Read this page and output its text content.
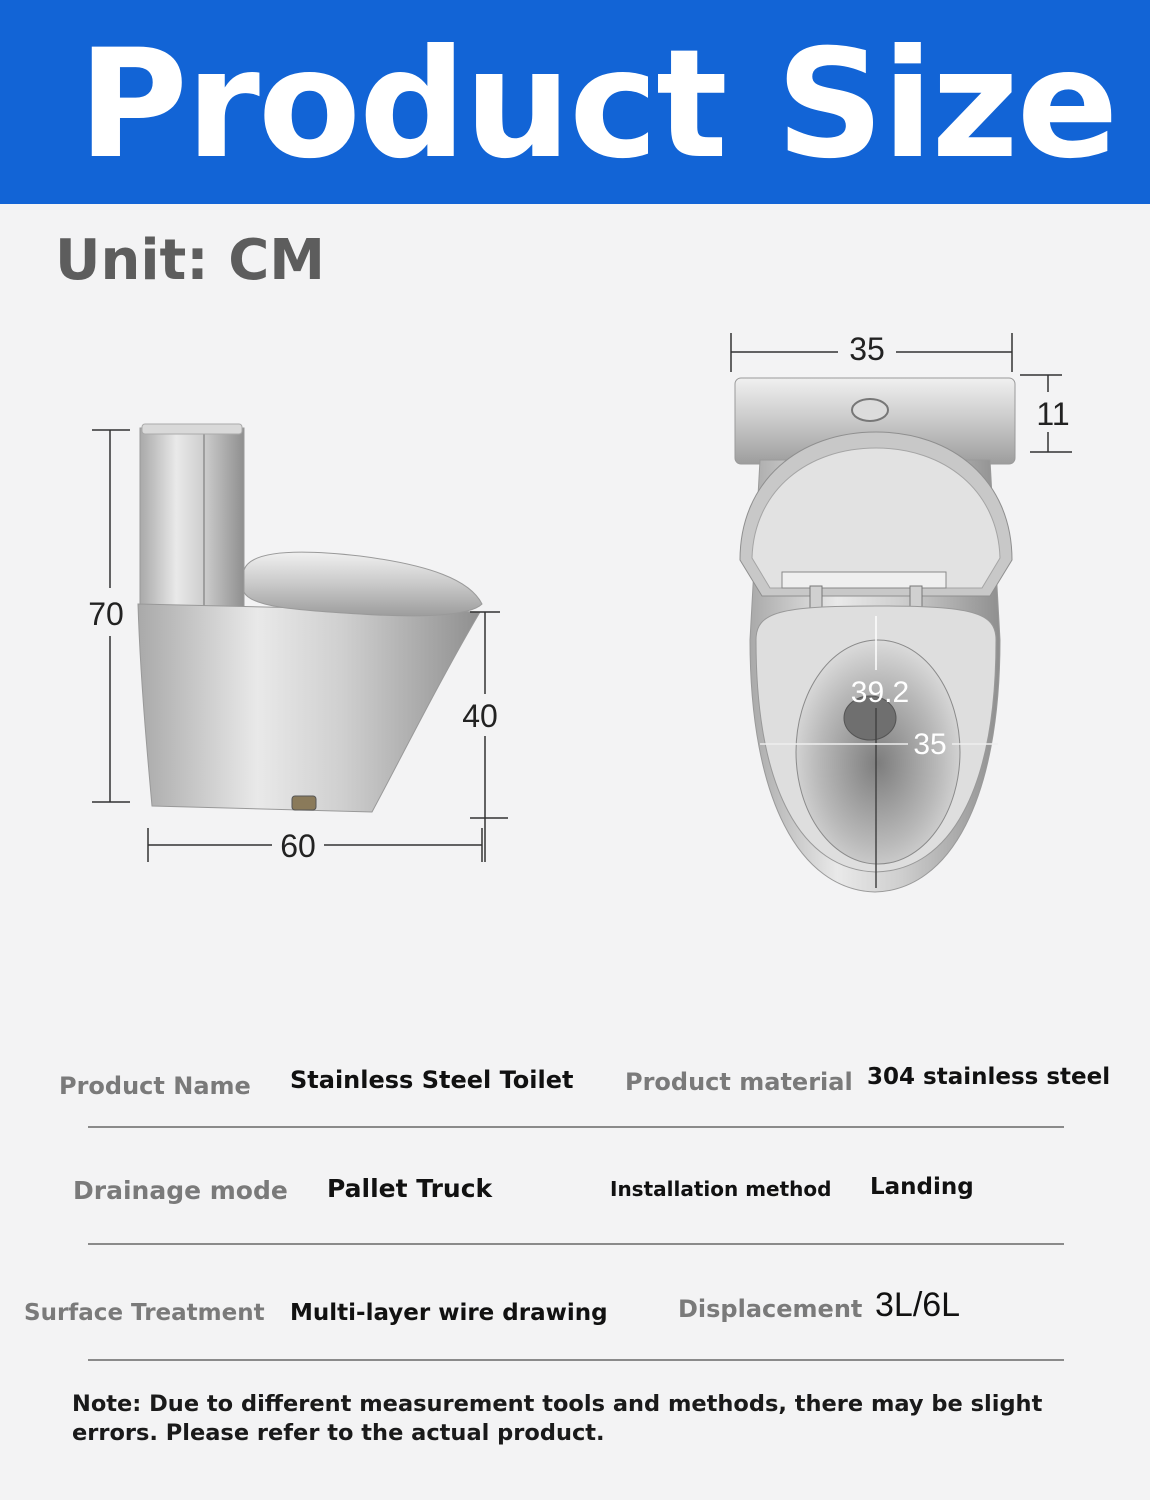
Product Size
Unit: CM
70
40
60
35
11
39.2
35
Product Name Stainless Steel Toilet Product material 304 stainless steel
Drainage mode Pallet Truck	Installation method Landing
Surface Treatment Multi-layer wire drawing	Displacement 3L/6L
Note: Due to different measurement tools and methods, there may be slight
errors. Please refer to the actual product.
